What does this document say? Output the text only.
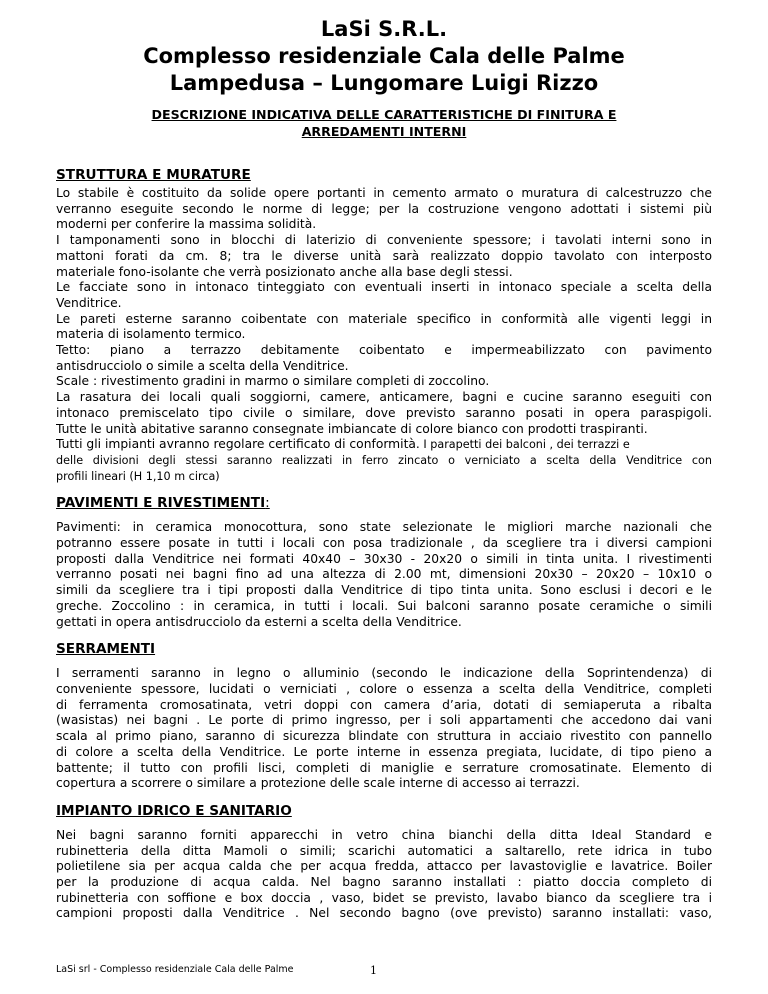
LaSi S.R.L.
Complesso residenziale Cala delle Palme
Lampedusa – Lungomare Luigi Rizzo
DESCRIZIONE INDICATIVA DELLE CARATTERISTICHE DI FINITURA E
ARREDAMENTI INTERNI
STRUTTURA E MURATURE

Lo stabile è costituito da solide opere portanti in cemento armato o muratura di calcestruzzo che

verranno eseguite secondo le norme di legge; per la costruzione vengono adottati i sistemi più

moderni per conferire la massima solidità.

I tamponamenti sono in blocchi di laterizio di conveniente spessore; i tavolati interni sono in

mattoni forati da cm. 8; tra le diverse unità sarà realizzato doppio tavolato con interposto

materiale fono-isolante che verrà posizionato anche alla base degli stessi.

Le facciate sono in intonaco tinteggiato con eventuali inserti in intonaco speciale a scelta della

Venditrice.

Le pareti esterne saranno coibentate con materiale specifico in conformità alle vigenti leggi in

materia di isolamento termico.

Tetto: piano a terrazzo debitamente coibentato e impermeabilizzato con pavimento

antisdrucciolo o simile a scelta della Venditrice.

Scale : rivestimento gradini in marmo o similare completi di zoccolino.

La rasatura dei locali quali soggiorni, camere, anticamere, bagni e cucine saranno eseguiti con

intonaco premiscelato tipo civile o similare, dove previsto saranno posati in opera paraspigoli.

Tutte le unità abitative saranno consegnate imbiancate di colore bianco con prodotti traspiranti.

Tutti gli impianti avranno regolare certificato di conformità. I parapetti dei balconi , dei terrazzi e

delle divisioni degli stessi saranno realizzati in ferro zincato o verniciato a scelta della Venditrice con

profili lineari (H 1,10 m circa)

PAVIMENTI E RIVESTIMENTI:

Pavimenti: in ceramica monocottura, sono state selezionate le migliori marche nazionali che

potranno essere posate in tutti i locali con posa tradizionale , da scegliere tra i diversi campioni

proposti dalla Venditrice nei formati 40x40 – 30x30 - 20x20 o simili in tinta unita. I rivestimenti

verranno posati nei bagni fino ad una altezza di 2.00 mt, dimensioni 20x30 – 20x20 – 10x10 o

simili da scegliere tra i tipi proposti dalla Venditrice di tipo tinta unita. Sono esclusi i decori e le

greche. Zoccolino : in ceramica, in tutti i locali. Sui balconi saranno posate ceramiche o simili

gettati in opera antisdrucciolo da esterni a scelta della Venditrice.

SERRAMENTI

I serramenti saranno in legno o alluminio (secondo le indicazione della Soprintendenza) di

conveniente spessore, lucidati o verniciati , colore o essenza a scelta della Venditrice, completi

di ferramenta cromosatinata, vetri doppi con camera d’aria, dotati di semiaperuta a ribalta

(wasistas) nei bagni . Le porte di primo ingresso, per i soli appartamenti che accedono dai vani

scala al primo piano, saranno di sicurezza blindate con struttura in acciaio rivestito con pannello

di colore a scelta della Venditrice. Le porte interne in essenza pregiata, lucidate, di tipo pieno a

battente; il tutto con profili lisci, completi di maniglie e serrature cromosatinate. Elemento di

copertura a scorrere o similare a protezione delle scale interne di accesso ai terrazzi.

IMPIANTO IDRICO E SANITARIO

Nei bagni saranno forniti apparecchi in vetro china bianchi della ditta Ideal Standard e

rubinetteria della ditta Mamoli o simili; scarichi automatici a saltarello, rete idrica in tubo

polietilene sia per acqua calda che per acqua fredda, attacco per lavastoviglie e lavatrice. Boiler

per la produzione di acqua calda. Nel bagno saranno installati : piatto doccia completo di

rubinetteria con soffione e box doccia , vaso, bidet se previsto, lavabo bianco da scegliere tra i

campioni proposti dalla Venditrice . Nel secondo bagno (ove previsto) saranno installati: vaso,

LaSi srl - Complesso residenziale Cala delle Palme	1
